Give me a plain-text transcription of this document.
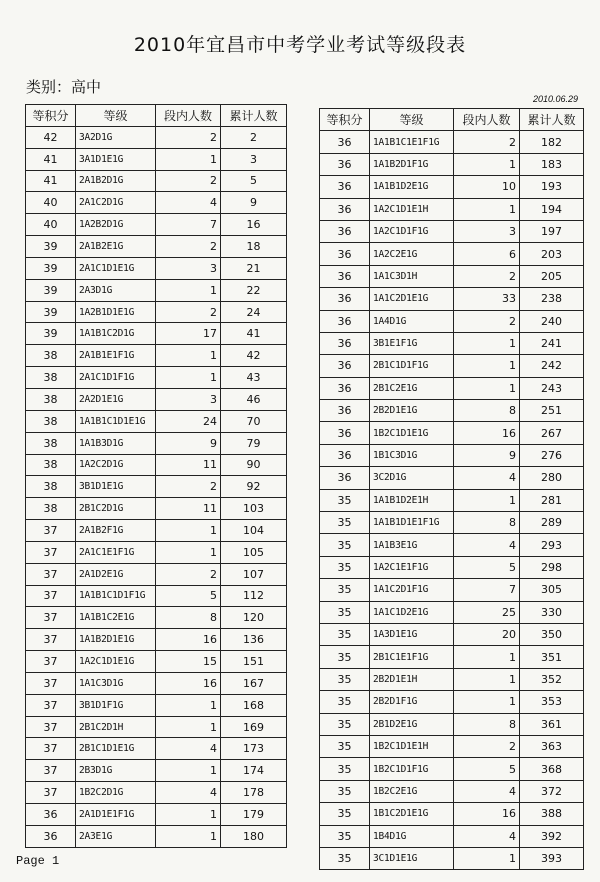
2010年宜昌市中考学业考试等级段表
类别：高中
2010.06.29
等积分	等级	段内人数	累计人数
42	3A2D1G	2	2
41	3A1D1E1G	1	3
41	2A1B2D1G	2	5
40	2A1C2D1G	4	9
40	1A2B2D1G	7	16
39	2A1B2E1G	2	18
39	2A1C1D1E1G	3	21
39	2A3D1G	1	22
39	1A2B1D1E1G	2	24
39	1A1B1C2D1G	17	41
38	2A1B1E1F1G	1	42
38	2A1C1D1F1G	1	43
38	2A2D1E1G	3	46
38	1A1B1C1D1E1G	24	70
38	1A1B3D1G	9	79
38	1A2C2D1G	11	90
38	3B1D1E1G	2	92
38	2B1C2D1G	11	103
37	2A1B2F1G	1	104
37	2A1C1E1F1G	1	105
37	2A1D2E1G	2	107
37	1A1B1C1D1F1G	5	112
37	1A1B1C2E1G	8	120
37	1A1B2D1E1G	16	136
37	1A2C1D1E1G	15	151
37	1A1C3D1G	16	167
37	3B1D1F1G	1	168
37	2B1C2D1H	1	169
37	2B1C1D1E1G	4	173
37	2B3D1G	1	174
37	1B2C2D1G	4	178
36	2A1D1E1F1G	1	179
36	2A3E1G	1	180
等积分	等级	段内人数	累计人数
36	1A1B1C1E1F1G	2	182
36	1A1B2D1F1G	1	183
36	1A1B1D2E1G	10	193
36	1A2C1D1E1H	1	194
36	1A2C1D1F1G	3	197
36	1A2C2E1G	6	203
36	1A1C3D1H	2	205
36	1A1C2D1E1G	33	238
36	1A4D1G	2	240
36	3B1E1F1G	1	241
36	2B1C1D1F1G	1	242
36	2B1C2E1G	1	243
36	2B2D1E1G	8	251
36	1B2C1D1E1G	16	267
36	1B1C3D1G	9	276
36	3C2D1G	4	280
35	1A1B1D2E1H	1	281
35	1A1B1D1E1F1G	8	289
35	1A1B3E1G	4	293
35	1A2C1E1F1G	5	298
35	1A1C2D1F1G	7	305
35	1A1C1D2E1G	25	330
35	1A3D1E1G	20	350
35	2B1C1E1F1G	1	351
35	2B2D1E1H	1	352
35	2B2D1F1G	1	353
35	2B1D2E1G	8	361
35	1B2C1D1E1H	2	363
35	1B2C1D1F1G	5	368
35	1B2C2E1G	4	372
35	1B1C2D1E1G	16	388
35	1B4D1G	4	392
35	3C1D1E1G	1	393
Page 1
